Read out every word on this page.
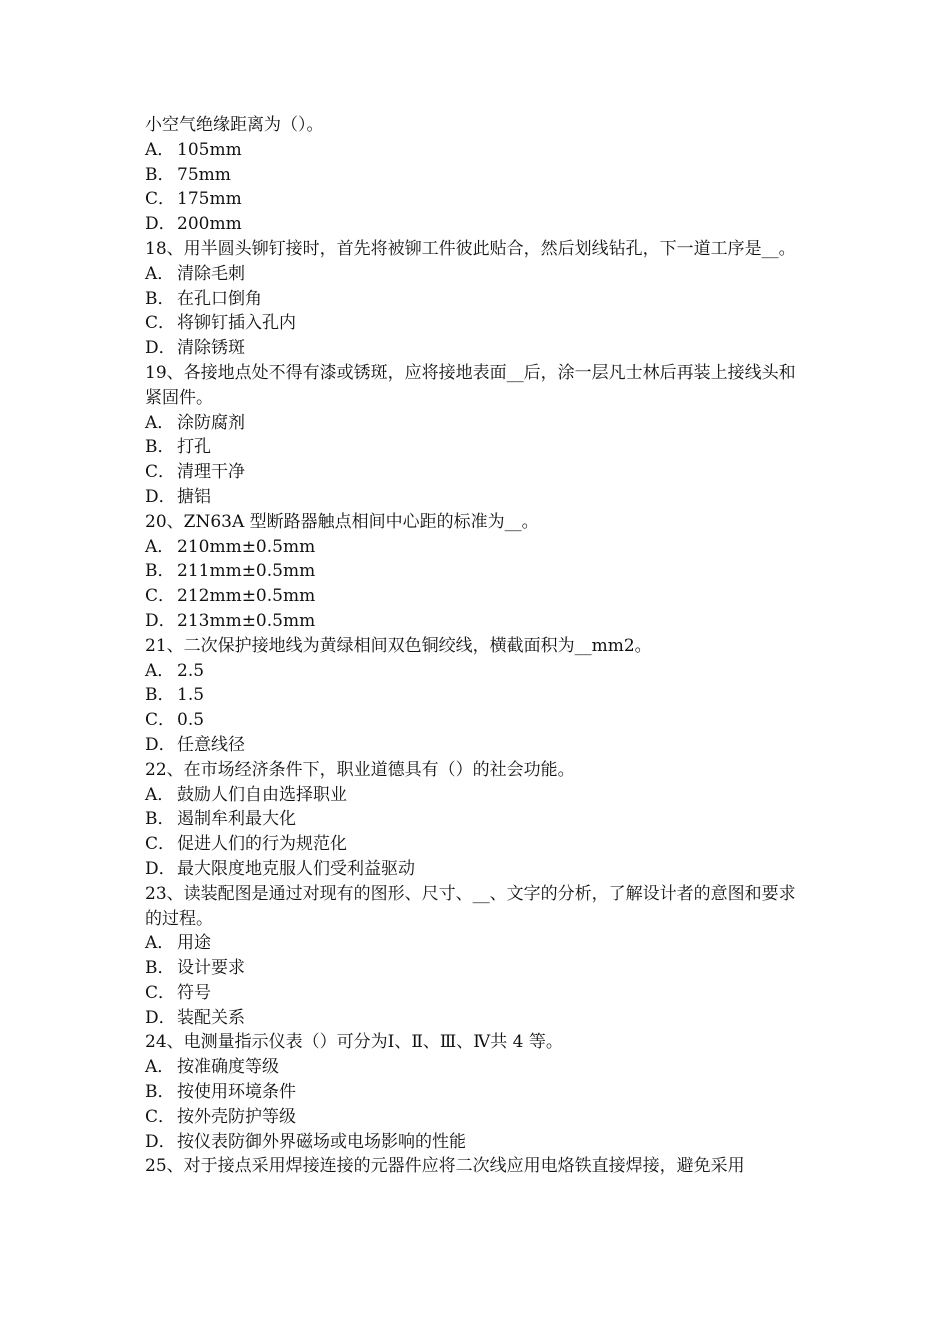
小空气绝缘距离为（）。

A． 105mm

B． 75mm

C． 175mm

D．200mm

18、用半圆头铆钉接时，首先将被铆工件彼此贴合，然后划线钻孔，下一道工序是__。

A． 清除毛刺

B． 在孔口倒角

C． 将铆钉插入孔内

D．清除锈斑

19、各接地点处不得有漆或锈斑，应将接地表面__后，涂一层凡士林后再装上接线头和紧固件。

A． 涂防腐剂

B． 打孔

C． 清理干净

D．搪铝

20、ZN63A 型断路器触点相间中心距的标准为__。

A． 210mm±0.5mm

B． 211mm±0.5mm

C． 212mm±0.5mm

D．213mm±0.5mm

21、二次保护接地线为黄绿相间双色铜绞线，横截面积为__mm2。

A． 2.5

B． 1.5

C． 0.5

D．任意线径

22、在市场经济条件下，职业道德具有（）的社会功能。

A． 鼓励人们自由选择职业

B． 遏制牟利最大化

C． 促进人们的行为规范化

D．最大限度地克服人们受利益驱动

23、读装配图是通过对现有的图形、尺寸、__、文字的分析，了解设计者的意图和要求的过程。

A． 用途

B． 设计要求

C． 符号

D．装配关系

24、电测量指示仪表（）可分为Ⅰ、Ⅱ、Ⅲ、Ⅳ共 4 等。

A． 按准确度等级

B． 按使用环境条件

C． 按外壳防护等级

D．按仪表防御外界磁场或电场影响的性能

25、对于接点采用焊接连接的元器件应将二次线应用电烙铁直接焊接，避免采用
